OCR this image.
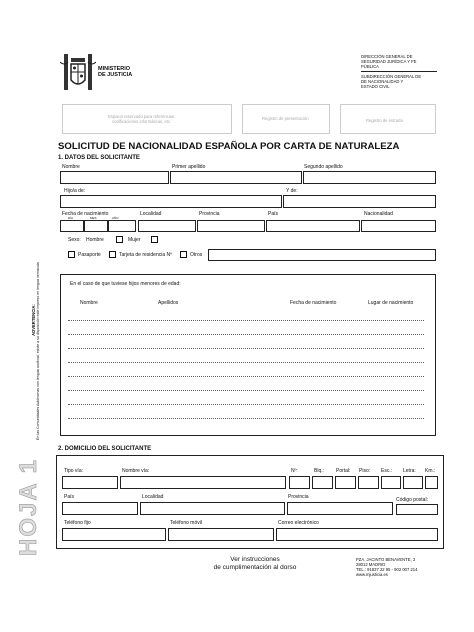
MINISTERIO
DE JUSTICIA
DIRECCIÓN GENERAL DE
SEGURIDAD JURÍDICA Y FE
PÚBLICA
SUBDIRECCIÓN GENERAL DE
DE NACIONALIDAD Y
ESTADO CIVIL
Espacio reservado para referencias,
codificaciones informáticas, etc.
Registro de presentación	Registro de entrada
SOLICITUD DE NACIONALIDAD ESPAÑOLA POR CARTA DE NATURALEZA
ADVERTENCIA: En las Comunidades Autónomas con lengua cooficial, existe a su disposición este impreso en lengua vernácula
HOJA 1
1. DATOS DEL SOLICITANTE
Nombre	Primer apellido	Segundo apellido
Hijo/a de:	Y de:
Fecha de nacimiento
DÍA	MES	AÑO
Localidad	Provincia	País	Nacionalidad
Sexo: Hombre	Mujer
Pasaporte	Tarjeta de residencia Nº	Otros
En el caso de que tuviese hijos menores de edad:
Nombre	Apellidos	Fecha de nacimiento	Lugar de nacimiento
2. DOMICILIO DEL SOLICITANTE
Tipo vía:	Nombre vía:	Nº:	Blq.: Portal: Piso: Esc.: Letra: Km.:
País	Localidad	Provincia	Código postal:
Teléfono fijo	Teléfono móvil	Correo electrónico
Ver instrucciones
de cumplimentación al dorso
PZA. JACINTO BENAVENTE, 3
28012 MADRID
TEL.: 91837 22 95 - 902 007 214
www.mjusticia.es
